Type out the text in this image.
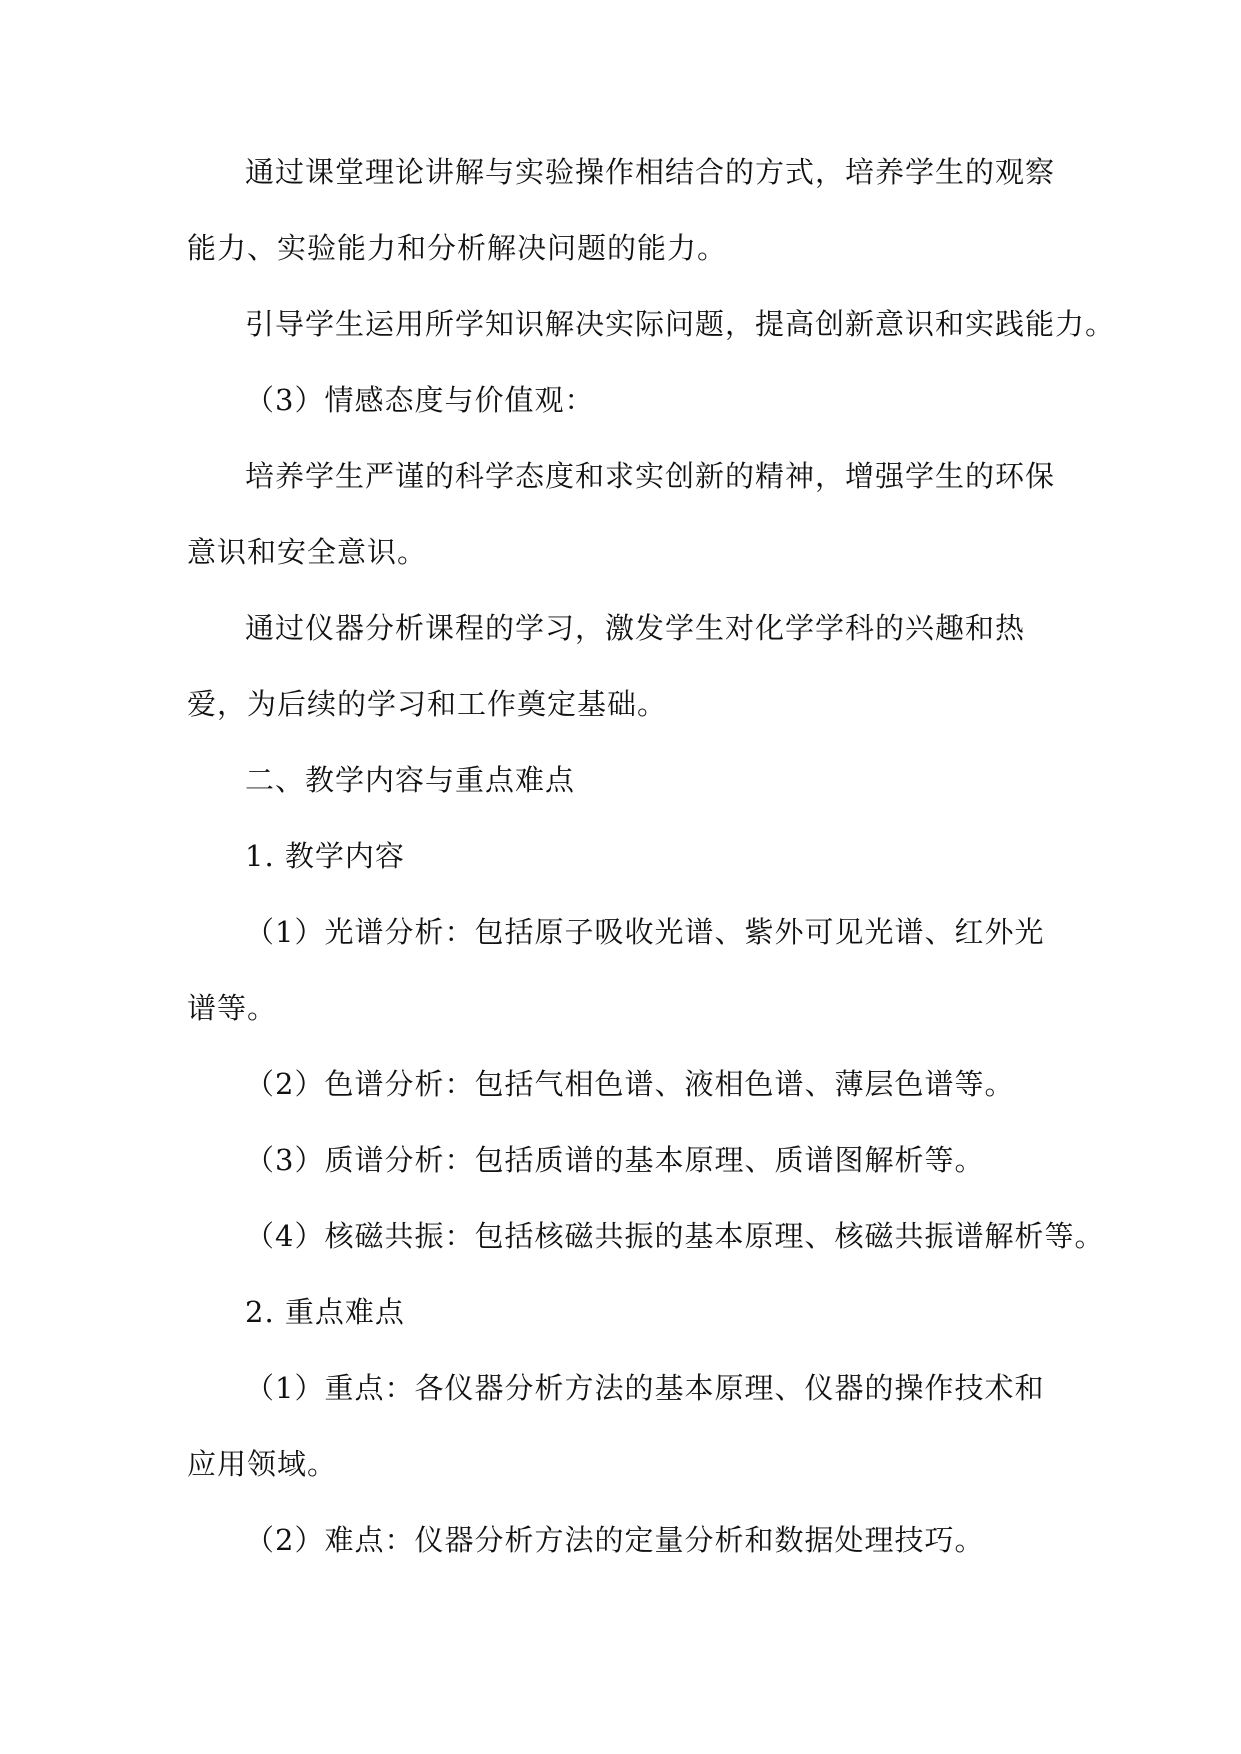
通过课堂理论讲解与实验操作相结合的方式，培养学生的观察能力、实验能力和分析解决问题的能力。

引导学生运用所学知识解决实际问题，提高创新意识和实践能力。

（3）情感态度与价值观：

培养学生严谨的科学态度和求实创新的精神，增强学生的环保意识和安全意识。

通过仪器分析课程的学习，激发学生对化学学科的兴趣和热爱，为后续的学习和工作奠定基础。

二、教学内容与重点难点

1. 教学内容

（1）光谱分析：包括原子吸收光谱、紫外可见光谱、红外光谱等。

（2）色谱分析：包括气相色谱、液相色谱、薄层色谱等。

（3）质谱分析：包括质谱的基本原理、质谱图解析等。

（4）核磁共振：包括核磁共振的基本原理、核磁共振谱解析等。

2. 重点难点

（1）重点：各仪器分析方法的基本原理、仪器的操作技术和应用领域。

（2）难点：仪器分析方法的定量分析和数据处理技巧。
